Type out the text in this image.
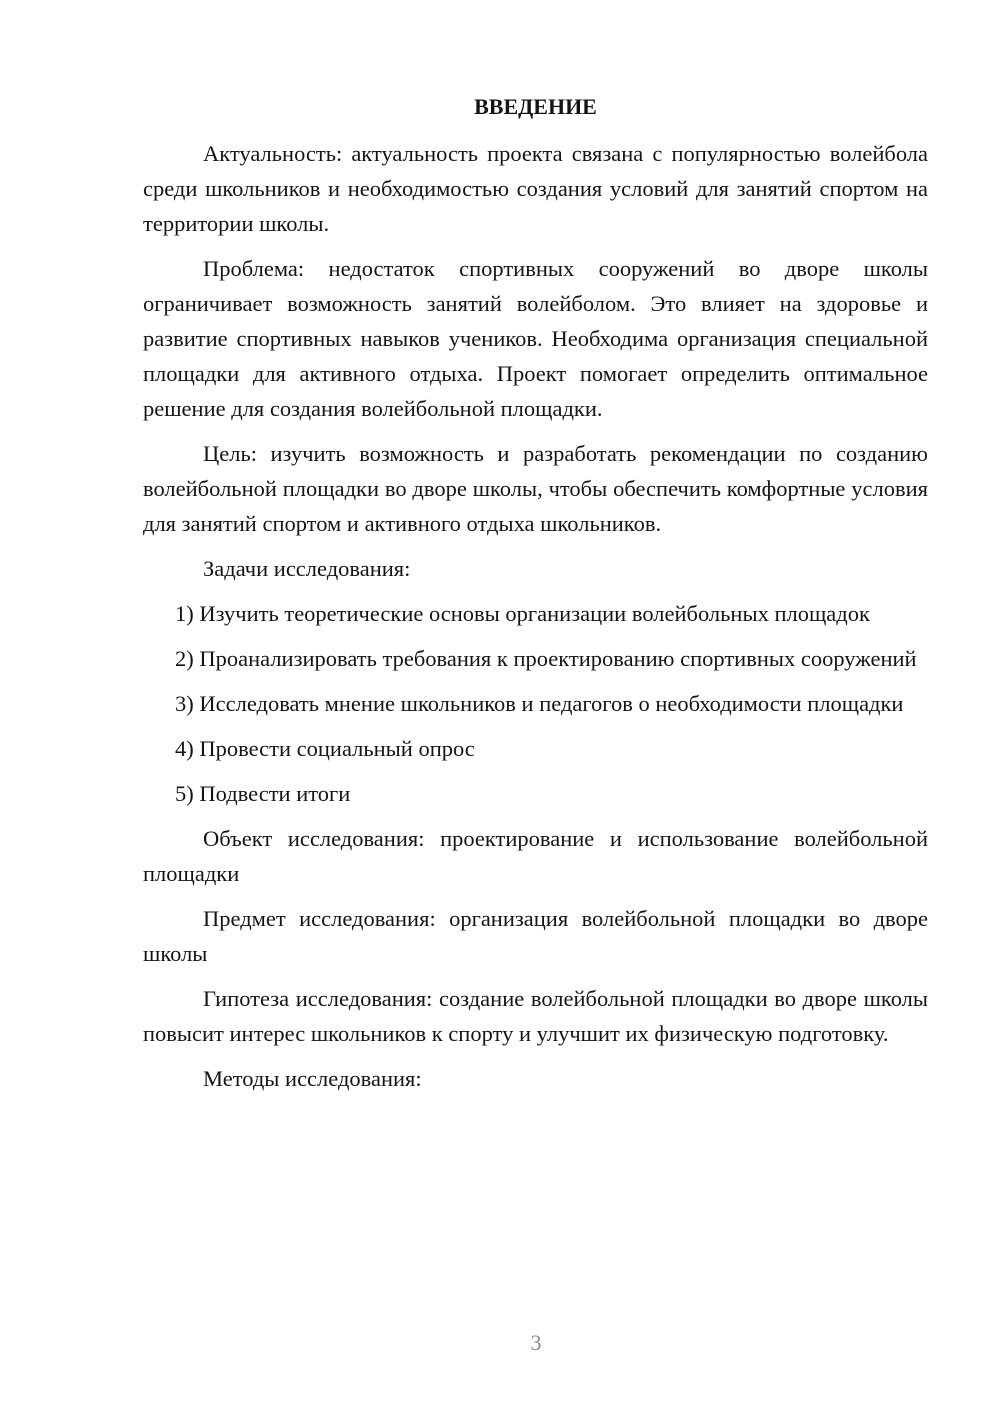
ВВЕДЕНИЕ

Актуальность: актуальность проекта связана с популярностью волейбола среди школьников и необходимостью создания условий для занятий спортом на территории школы.

Проблема: недостаток спортивных сооружений во дворе школы ограничивает возможность занятий волейболом. Это влияет на здоровье и развитие спортивных навыков учеников. Необходима организация специальной площадки для активного отдыха. Проект помогает определить оптимальное решение для создания волейбольной площадки.

Цель: изучить возможность и разработать рекомендации по созданию волейбольной площадки во дворе школы, чтобы обеспечить комфортные условия для занятий спортом и активного отдыха школьников.

Задачи исследования:

1) Изучить теоретические основы организации волейбольных площадок

2) Проанализировать требования к проектированию спортивных сооружений

3) Исследовать мнение школьников и педагогов о необходимости площадки

4) Провести социальный опрос

5) Подвести итоги

Объект исследования: проектирование и использование волейбольной площадки

Предмет исследования: организация волейбольной площадки во дворе школы

Гипотеза исследования: создание волейбольной площадки во дворе школы повысит интерес школьников к спорту и улучшит их физическую подготовку.

Методы исследования:

3
